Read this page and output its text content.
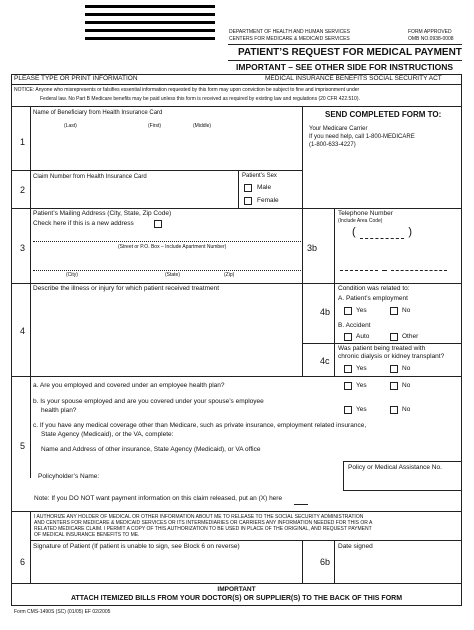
DEPARTMENT OF HEALTH AND HUMAN SERVICES
CENTERS FOR MEDICARE & MEDICAID SERVICES
FORM APPROVED
OMB NO.0938-0008
PATIENT’S REQUEST FOR MEDICAL PAYMENT
IMPORTANT – SEE OTHER SIDE FOR INSTRUCTIONS
PLEASE TYPE OR PRINT INFORMATION	MEDICAL INSURANCE BENEFITS SOCIAL SECURITY ACT
NOTICE: Anyone who misrepresents or falsifies essential information requested by this form may upon conviction be subject to fine and imprisonment under
Federal law. No Part B Medicare benefits may be paid unless this form is received as required by existing law and regulations (20 CFR 422.510).
1
Name of Beneficiary from Health Insurance Card
(Last)	(First)	(Middle)
SEND COMPLETED FORM TO:
Your Medicare Carrier
If you need help, call 1-800-MEDICARE
(1-800-633-4227)
2
Claim Number from Health Insurance Card	Patient’s Sex
Male
Female
3
Patient’s Mailing Address (City, State, Zip Code)
Check here if this is a new address
(Street or P.O. Box – Include Apartment Number)
(City)	(State)	(Zip)
3b
Telephone Number
(Include Area Code)
(	)
4
Describe the illness or injury for which patient received treatment
4b
Condition was related to:
A. Patient’s employment
Yes	No
B. Accident
Auto	Other
4c
Was patient being treated with
chronic dialysis or kidney transplant?
Yes	No
5
a. Are you employed and covered under an employee health plan?	Yes	No
b. Is your spouse employed and are you covered under your spouse’s employee
health plan?	Yes	No
c. If you have any medical coverage other than Medicare, such as private insurance, employment related insurance,
State Agency (Medicaid), or the VA, complete:
Name and Address of other insurance, State Agency (Medicaid), or VA office
Policyholder’s Name:
Policy or Medical Assistance No.
Note: If you DO NOT want payment information on this claim released, put an (X) here
I AUTHORIZE ANY HOLDER OF MEDICAL OR OTHER INFORMATION ABOUT ME TO RELEASE TO THE SOCIAL SECURITY ADMINISTRATION
AND CENTERS FOR MEDICARE & MEDICAID SERVICES OR ITS INTERMEDIARIES OR CARRIERS ANY INFORMATION NEEDED FOR THIS OR A
RELATED MEDICARE CLAIM. I PERMIT A COPY OF THIS AUTHORIZATION TO BE USED IN PLACE OF THE ORIGINAL, AND REQUEST PAYMENT
OF MEDICAL INSURANCE BENEFITS TO ME.
6
Signature of Patient (If patient is unable to sign, see Block 6 on reverse)
6b
Date signed
IMPORTANT
ATTACH ITEMIZED BILLS FROM YOUR DOCTOR(S) OR SUPPLIER(S) TO THE BACK OF THIS FORM
Form CMS-1490S (SC) (01/05) EF 02/2005
